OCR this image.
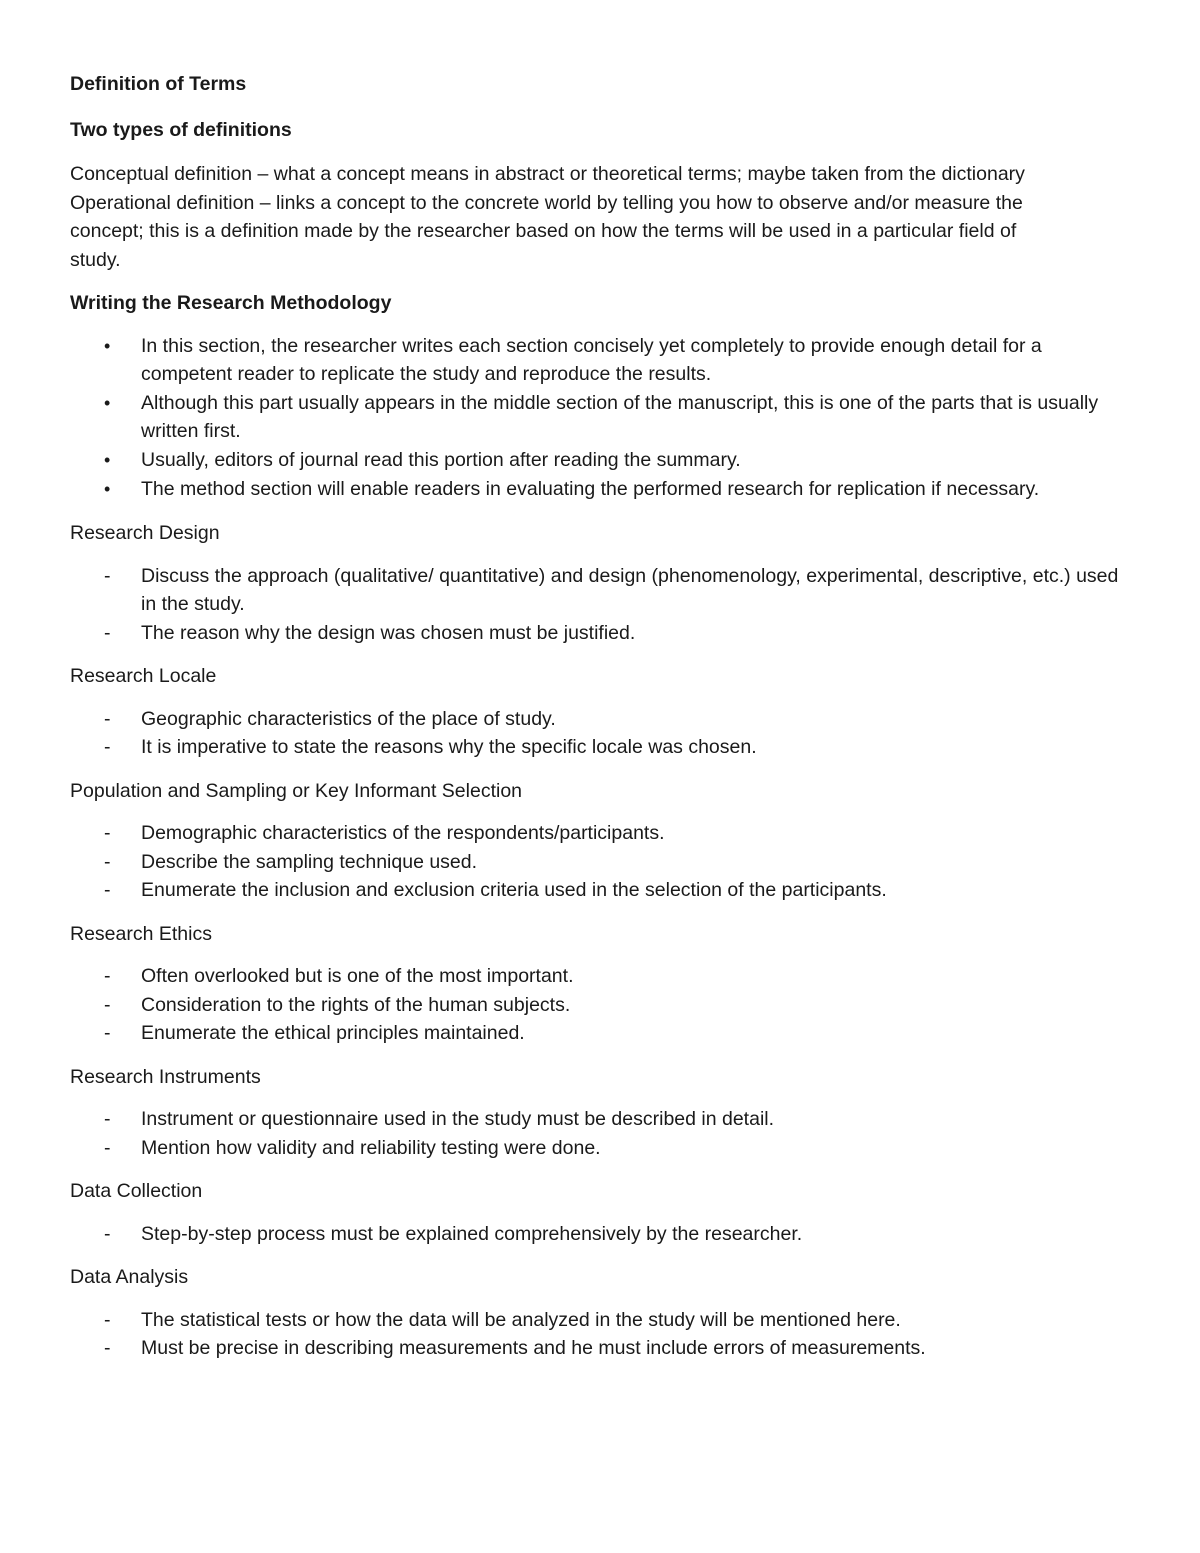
Definition of Terms
Two types of definitions
Conceptual definition – what a concept means in abstract or theoretical terms; maybe taken from the dictionary
Operational definition – links a concept to the concrete world by telling you how to observe and/or measure the
concept; this is a definition made by the researcher based on how the terms will be used in a particular field of
study.
Writing the Research Methodology
•	In this section, the researcher writes each section concisely yet completely to provide enough detail for a competent reader to replicate the study and reproduce the results.
•	Although this part usually appears in the middle section of the manuscript, this is one of the parts that is usually written first.
•	Usually, editors of journal read this portion after reading the summary.
•	The method section will enable readers in evaluating the performed research for replication if necessary.
Research Design
-	Discuss the approach (qualitative/ quantitative) and design (phenomenology, experimental, descriptive, etc.) used in the study.
-	The reason why the design was chosen must be justified.
Research Locale
-	Geographic characteristics of the place of study.
-	It is imperative to state the reasons why the specific locale was chosen.
Population and Sampling or Key Informant Selection
-	Demographic characteristics of the respondents/participants.
-	Describe the sampling technique used.
-	Enumerate the inclusion and exclusion criteria used in the selection of the participants.
Research Ethics
-	Often overlooked but is one of the most important.
-	Consideration to the rights of the human subjects.
-	Enumerate the ethical principles maintained.
Research Instruments
-	Instrument or questionnaire used in the study must be described in detail.
-	Mention how validity and reliability testing were done.
Data Collection
-	Step-by-step process must be explained comprehensively by the researcher.
Data Analysis
-	The statistical tests or how the data will be analyzed in the study will be mentioned here.
-	Must be precise in describing measurements and he must include errors of measurements.
